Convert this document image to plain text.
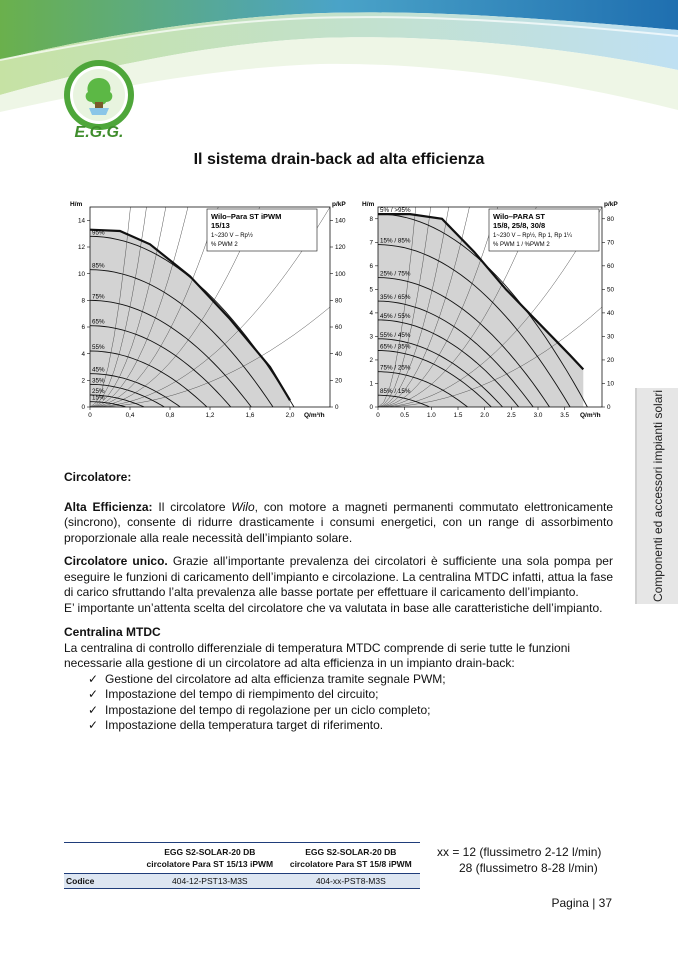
E.G.G.
Il sistema drain-back ad alta efficienza
95%
85%
75%
65%
55%
45%
35%
25%
15%
0	0,4	0,8	1,2	1,6	2,0
0
2
4
6
8
10
12
14
0
20
40
60
80
100
120
140
Wilo–Para ST iPWM
15/13
1~230 V – Rp½
% PWM 2
H/m	p/kP
Q/m³/h
5% / >95%
15% / 85%
25% / 75%
35% / 65%
45% / 55%
55% / 45%
65% / 35%
75% / 25%
85% / 15%
0	0.5	1.0	1.5	2.0	2.5	3.0	3.5
0
1
2
3
4
5
6
7
8
0
10
20
30
40
50
60
70
80
Wilo–PARA ST
15/8, 25/8, 30/8
1~230 V – Rp½, Rp 1, Rp 1¼
% PWM 1 / %PWM 2
H/m	p/kP
Q/m³/h	Componenti ed accessori impianti solari

Circolatore:

Alta Efficienza: Il circolatore Wilo, con motore a magneti permanenti commutato elettronicamente (sincrono), consente di ridurre drasticamente i consumi energetici, con un range di assorbimento proporzionale alla reale necessità dell’impianto solare.

Circolatore unico. Grazie all’importante prevalenza dei circolatori è sufficiente una sola pompa per eseguire le funzioni di caricamento dell’impianto e circolazione. La centralina MTDC infatti, attua la fase di carico sfruttando l’alta prevalenza alle basse portate per effettuare il caricamento dell’impianto.

E’ importante un’attenta scelta del circolatore che va valutata in base alle caratteristiche dell’impianto.

Centralina MTDC

La centralina di controllo differenziale di temperatura MTDC comprende di serie tutte le funzioni necessarie alla gestione di un circolatore ad alta efficienza in un impianto drain-back:

✓ Gestione del circolatore ad alta efficienza tramite segnale PWM;
✓ Impostazione del tempo di riempimento del circuito;
✓ Impostazione del tempo di regolazione per un ciclo completo;
✓ Impostazione della temperatura target di riferimento.
	EGG S2-SOLAR-20 DB
circolatore Para ST 15/13 iPWM	EGG S2-SOLAR-20 DB
circolatore Para ST 15/8 iPWM
Codice	404-12-PST13-M3S	404-xx-PST8-M3S
xx = 12 (flussimetro 2-12 l/min)
28 (flussimetro 8-28 l/min)
Pagina | 37
